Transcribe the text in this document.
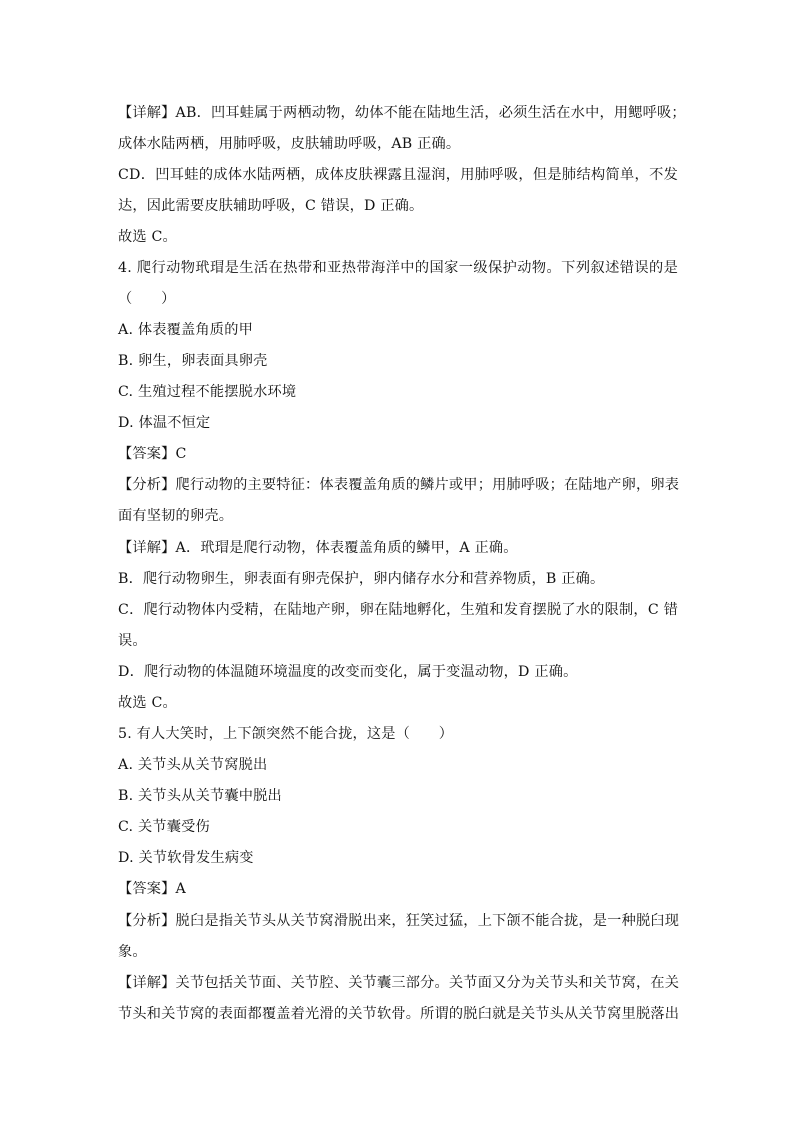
【详解】AB．凹耳蛙属于两栖动物，幼体不能在陆地生活，必须生活在水中，用鳃呼吸；
成体水陆两栖，用肺呼吸，皮肤辅助呼吸，AB 正确。
CD．凹耳蛙的成体水陆两栖，成体皮肤裸露且湿润，用肺呼吸，但是肺结构简单，不发
达，因此需要皮肤辅助呼吸，C 错误，D 正确。
故选 C。
4. 爬行动物玳瑁是生活在热带和亚热带海洋中的国家一级保护动物。下列叙述错误的是
（　　）
A. 体表覆盖角质的甲
B. 卵生，卵表面具卵壳
C. 生殖过程不能摆脱水环境
D. 体温不恒定
【答案】C
【分析】爬行动物的主要特征：体表覆盖角质的鳞片或甲；用肺呼吸；在陆地产卵，卵表
面有坚韧的卵壳。
【详解】A．玳瑁是爬行动物，体表覆盖角质的鳞甲，A 正确。
B．爬行动物卵生，卵表面有卵壳保护，卵内储存水分和营养物质，B 正确。
C．爬行动物体内受精，在陆地产卵，卵在陆地孵化，生殖和发育摆脱了水的限制，C 错
误。
D．爬行动物的体温随环境温度的改变而变化，属于变温动物，D 正确。
故选 C。
5. 有人大笑时，上下颌突然不能合拢，这是（　　）
A. 关节头从关节窝脱出
B. 关节头从关节囊中脱出
C. 关节囊受伤
D. 关节软骨发生病变
【答案】A
【分析】脱臼是指关节头从关节窝滑脱出来，狂笑过猛，上下颌不能合拢，是一种脱臼现
象。
【详解】关节包括关节面、关节腔、关节囊三部分。关节面又分为关节头和关节窝，在关
节头和关节窝的表面都覆盖着光滑的关节软骨。所谓的脱臼就是关节头从关节窝里脱落出
